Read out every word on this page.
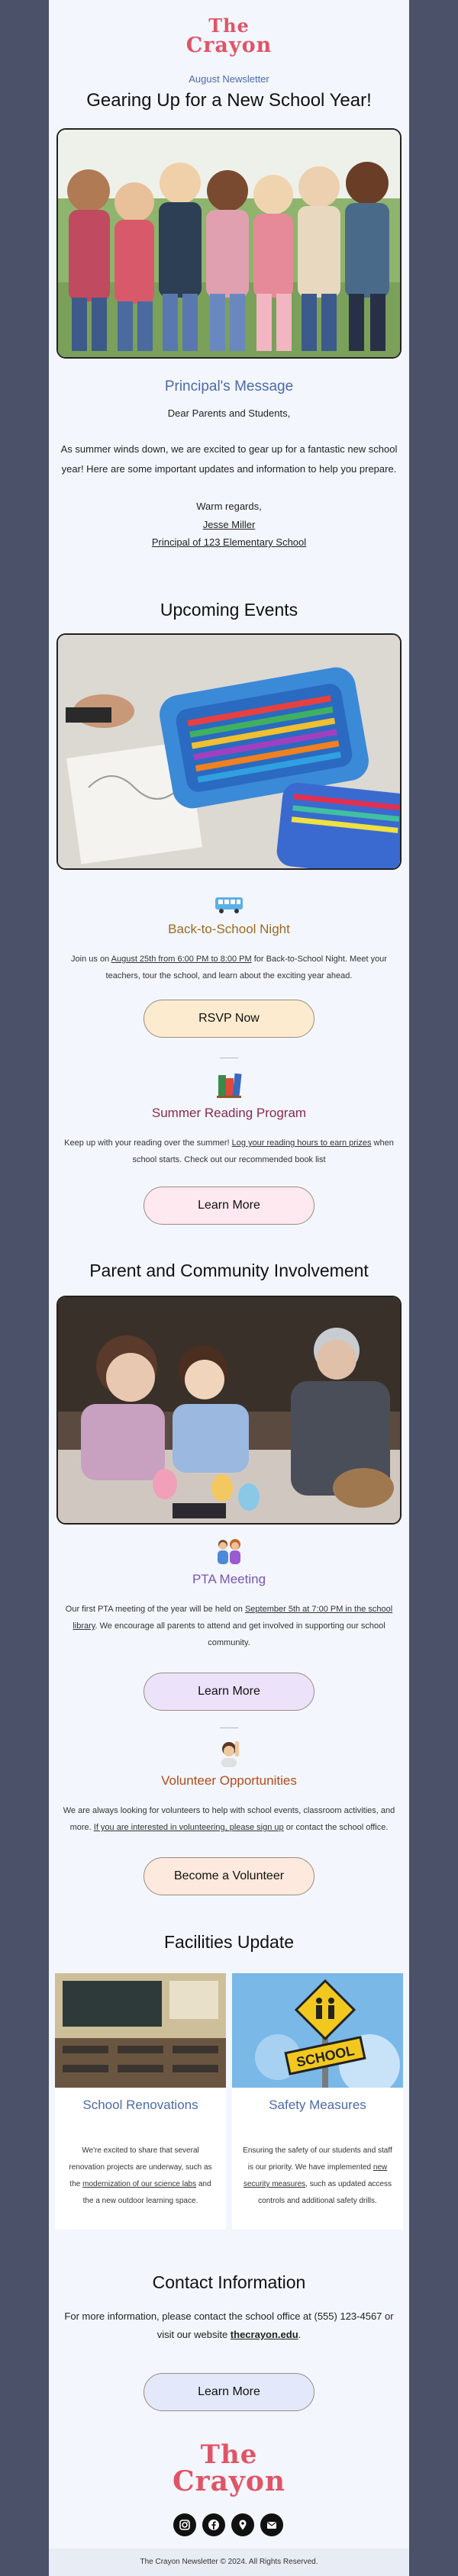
The
Crayon
August Newsletter
Gearing Up for a New School Year!
Principal's Message
Dear Parents and Students,
As summer winds down, we are excited to gear up for a fantastic new school year! Here are some important updates and information to help you prepare.
Warm regards,
Jesse Miller
Principal of 123 Elementary School
Upcoming Events
Back-to-School Night
Join us on August 25th from 6:00 PM to 8:00 PM for Back-to-School Night. Meet your teachers, tour the school, and learn about the exciting year ahead.
RSVP Now
Summer Reading Program
Keep up with your reading over the summer! Log your reading hours to earn prizes when school starts. Check out our recommended book list
Learn More
Parent and Community Involvement
PTA Meeting
Our first PTA meeting of the year will be held on September 5th at 7:00 PM in the school library. We encourage all parents to attend and get involved in supporting our school community.
Learn More
Volunteer Opportunities
We are always looking for volunteers to help with school events, classroom activities, and more. If you are interested in volunteering, please sign up or contact the school office.
Become a Volunteer
Facilities Update
School Renovations
We're excited to share that several renovation projects are underway, such as the modernization of our science labs and the a new outdoor learning space.
SCHOOL
Safety Measures
Ensuring the safety of our students and staff is our priority. We have implemented new security measures, such as updated access controls and additional safety drills.
Contact Information
For more information, please contact the school office at (555) 123-4567 or visit our website thecrayon.edu.
Learn More
The
Crayon
The Crayon Newsletter © 2024. All Rights Reserved.
